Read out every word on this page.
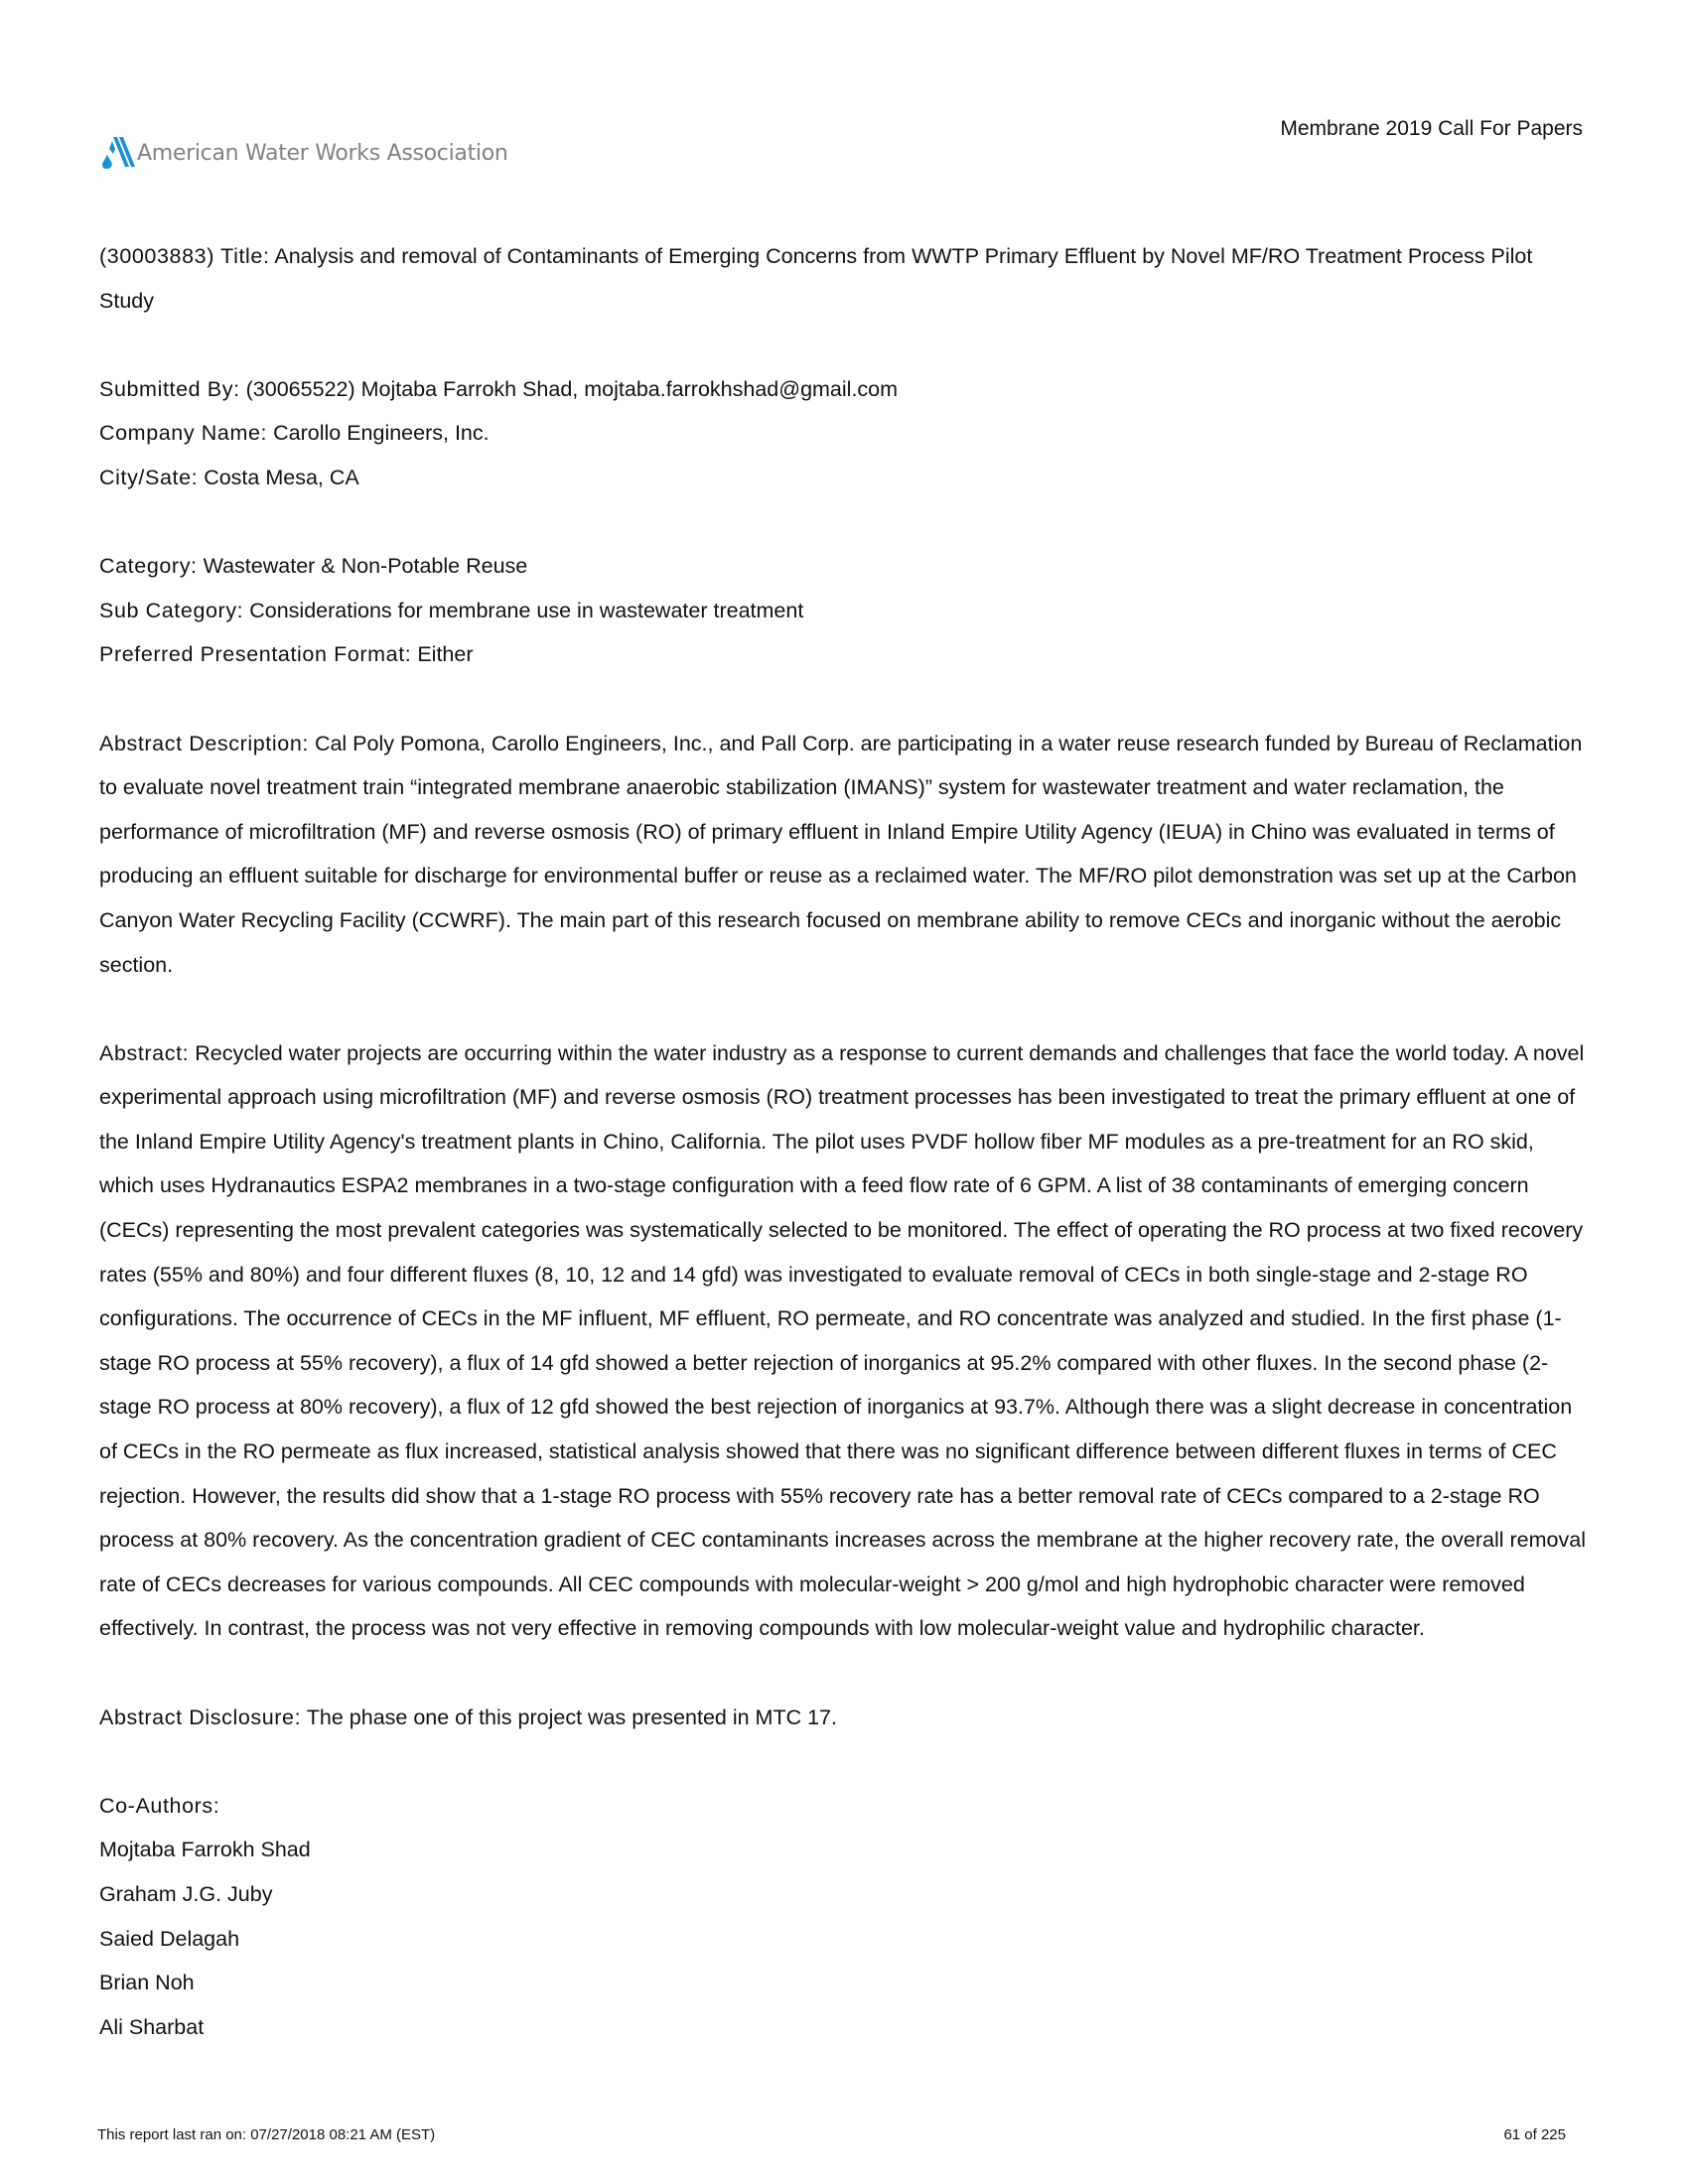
American Water Works Association
Membrane 2019 Call For Papers

(30003883) Title: Analysis and removal of Contaminants of Emerging Concerns from WWTP Primary Effluent by Novel MF/RO Treatment Process Pilot Study

Submitted By: (30065522) Mojtaba Farrokh Shad, mojtaba.farrokhshad@gmail.com

Company Name: Carollo Engineers, Inc.

City/Sate: Costa Mesa, CA

Category: Wastewater & Non-Potable Reuse

Sub Category: Considerations for membrane use in wastewater treatment

Preferred Presentation Format: Either

Abstract Description: Cal Poly Pomona, Carollo Engineers, Inc., and Pall Corp. are participating in a water reuse research funded by Bureau of Reclamation to evaluate novel treatment train “integrated membrane anaerobic stabilization (IMANS)” system for wastewater treatment and water reclamation, the performance of microfiltration (MF) and reverse osmosis (RO) of primary effluent in Inland Empire Utility Agency (IEUA) in Chino was evaluated in terms of producing an effluent suitable for discharge for environmental buffer or reuse as a reclaimed water. The MF/RO pilot demonstration was set up at the Carbon Canyon Water Recycling Facility (CCWRF). The main part of this research focused on membrane ability to remove CECs and inorganic without the aerobic section.

Abstract: Recycled water projects are occurring within the water industry as a response to current demands and challenges that face the world today. A novel experimental approach using microfiltration (MF) and reverse osmosis (RO) treatment processes has been investigated to treat the primary effluent at one of the Inland Empire Utility Agency's treatment plants in Chino, California. The pilot uses PVDF hollow fiber MF modules as a pre-treatment for an RO skid, which uses Hydranautics ESPA2 membranes in a two-stage configuration with a feed flow rate of 6 GPM. A list of 38 contaminants of emerging concern (CECs) representing the most prevalent categories was systematically selected to be monitored. The effect of operating the RO process at two fixed recovery rates (55% and 80%) and four different fluxes (8, 10, 12 and 14 gfd) was investigated to evaluate removal of CECs in both single-stage and 2-stage RO configurations. The occurrence of CECs in the MF influent, MF effluent, RO permeate, and RO concentrate was analyzed and studied. In the first phase (1-stage RO process at 55% recovery), a flux of 14 gfd showed a better rejection of inorganics at 95.2% compared with other fluxes. In the second phase (2-stage RO process at 80% recovery), a flux of 12 gfd showed the best rejection of inorganics at 93.7%. Although there was a slight decrease in concentration of CECs in the RO permeate as flux increased, statistical analysis showed that there was no significant difference between different fluxes in terms of CEC rejection. However, the results did show that a 1-stage RO process with 55% recovery rate has a better removal rate of CECs compared to a 2-stage RO process at 80% recovery. As the concentration gradient of CEC contaminants increases across the membrane at the higher recovery rate, the overall removal rate of CECs decreases for various compounds. All CEC compounds with molecular-weight > 200 g/mol and high hydrophobic character were removed effectively. In contrast, the process was not very effective in removing compounds with low molecular-weight value and hydrophilic character.

Abstract Disclosure: The phase one of this project was presented in MTC 17.

Co-Authors:

Mojtaba Farrokh Shad

Graham J.G. Juby

Saied Delagah

Brian Noh

Ali Sharbat

This report last ran on: 07/27/2018 08:21 AM (EST)	61 of 225
